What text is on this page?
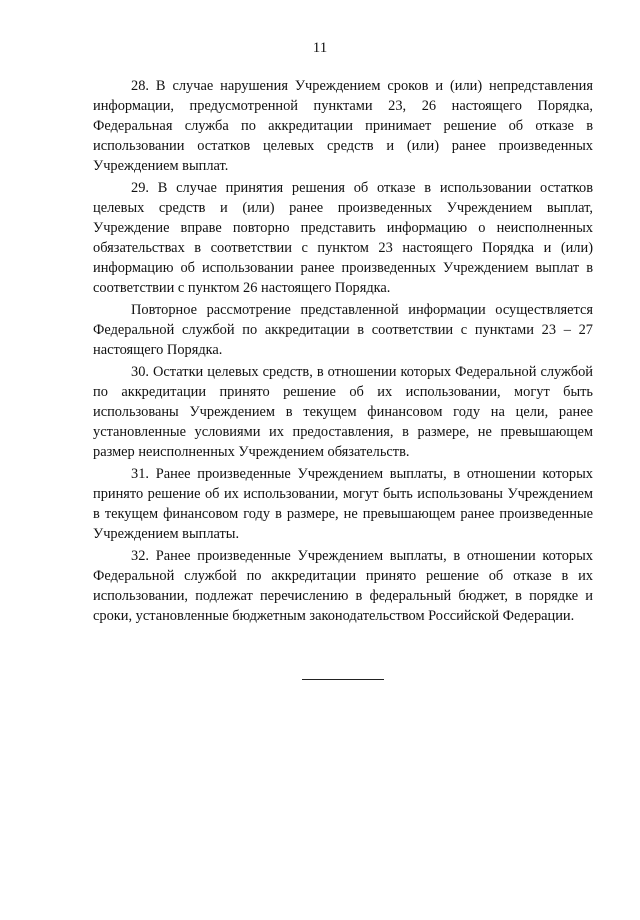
11

28. В случае нарушения Учреждением сроков и (или) непредставления информации, предусмотренной пунктами 23, 26 настоящего Порядка, Федеральная служба по аккредитации принимает решение об отказе в использовании остатков целевых средств и (или) ранее произведенных Учреждением выплат.

29. В случае принятия решения об отказе в использовании остатков целевых средств и (или) ранее произведенных Учреждением выплат, Учреждение вправе повторно представить информацию о неисполненных обязательствах в соответствии с пунктом 23 настоящего Порядка и (или) информацию об использовании ранее произведенных Учреждением выплат в соответствии с пунктом 26 настоящего Порядка.

Повторное рассмотрение представленной информации осуществляется Федеральной службой по аккредитации в соответствии с пунктами 23 – 27 настоящего Порядка.

30. Остатки целевых средств, в отношении которых Федеральной службой по аккредитации принято решение об их использовании, могут быть использованы Учреждением в текущем финансовом году на цели, ранее установленные условиями их предоставления, в размере, не превышающем размер неисполненных Учреждением обязательств.

31. Ранее произведенные Учреждением выплаты, в отношении которых принято решение об их использовании, могут быть использованы Учреждением в текущем финансовом году в размере, не превышающем ранее произведенные Учреждением выплаты.

32. Ранее произведенные Учреждением выплаты, в отношении которых Федеральной службой по аккредитации принято решение об отказе в их использовании, подлежат перечислению в федеральный бюджет, в порядке и сроки, установленные бюджетным законодательством Российской Федерации.
